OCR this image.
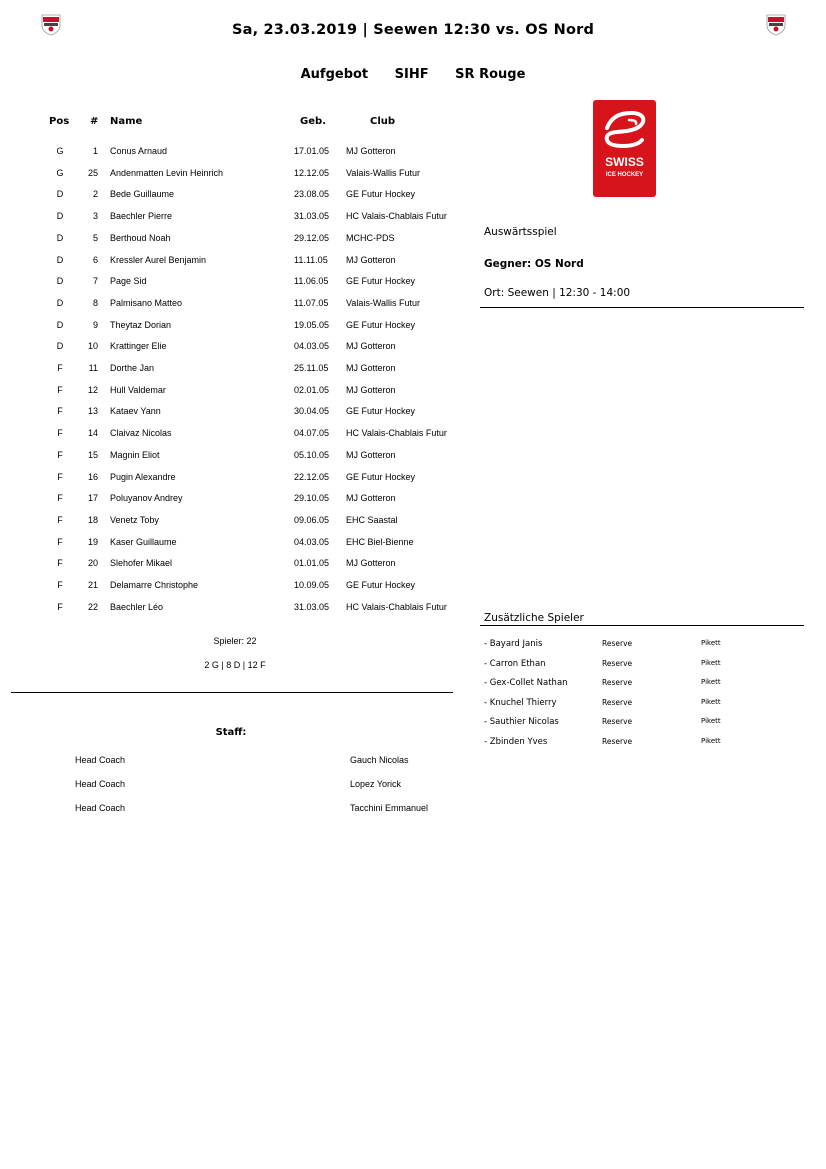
Sa, 23.03.2019 | Seewen 12:30 vs. OS Nord
Aufgebot SIHF SR Rouge
Pos # Name	Geb.	Club
G	1 Conus Arnaud	17.01.05 MJ Gotteron
G	25 Andenmatten Levin Heinrich	12.12.05 Valais-Wallis Futur
D	2 Bede Guillaume	23.08.05 GE Futur Hockey
D	3 Baechler Pierre	31.03.05 HC Valais-Chablais Futur
D	5 Berthoud Noah	29.12.05 MCHC-PDS
D	6 Kressler Aurel Benjamin	11.11.05 MJ Gotteron
D	7 Page Sid	11.06.05 GE Futur Hockey
D	8 Palmisano Matteo	11.07.05 Valais-Wallis Futur
D	9 Theytaz Dorian	19.05.05 GE Futur Hockey
D	10 Krattinger Elie	04.03.05 MJ Gotteron
F	11 Dorthe Jan	25.11.05 MJ Gotteron
F	12 Hull Valdemar	02.01.05 MJ Gotteron
F	13 Kataev Yann	30.04.05 GE Futur Hockey
F	14 Claivaz Nicolas	04.07.05 HC Valais-Chablais Futur
F	15 Magnin Eliot	05.10.05 MJ Gotteron
F	16 Pugin Alexandre	22.12.05 GE Futur Hockey
F	17 Poluyanov Andrey	29.10.05 MJ Gotteron
F	18 Venetz Toby	09.06.05 EHC Saastal
F	19 Kaser Guillaume	04.03.05 EHC Biel-Bienne
F	20 Slehofer Mikael	01.01.05 MJ Gotteron
F	21 Delamarre Christophe	10.09.05 GE Futur Hockey
F	22 Baechler Léo	31.03.05 HC Valais-Chablais Futur
Spieler: 22
2 G | 8 D | 12 F
Staff:
Head Coach	Gauch Nicolas
Head Coach	Lopez Yorick
Head Coach	Tacchini Emmanuel
SWISS
ICE HOCKEY
Auswärtsspiel
Gegner: OS Nord
Ort: Seewen | 12:30 - 14:00
Zusätzliche Spieler
- Bayard Janis	Reserve	Pikett
- Carron Ethan	Reserve	Pikett
- Gex-Collet Nathan	Reserve	Pikett
- Knuchel Thierry	Reserve	Pikett
- Sauthier Nicolas	Reserve	Pikett
- Zbinden Yves	Reserve	Pikett
